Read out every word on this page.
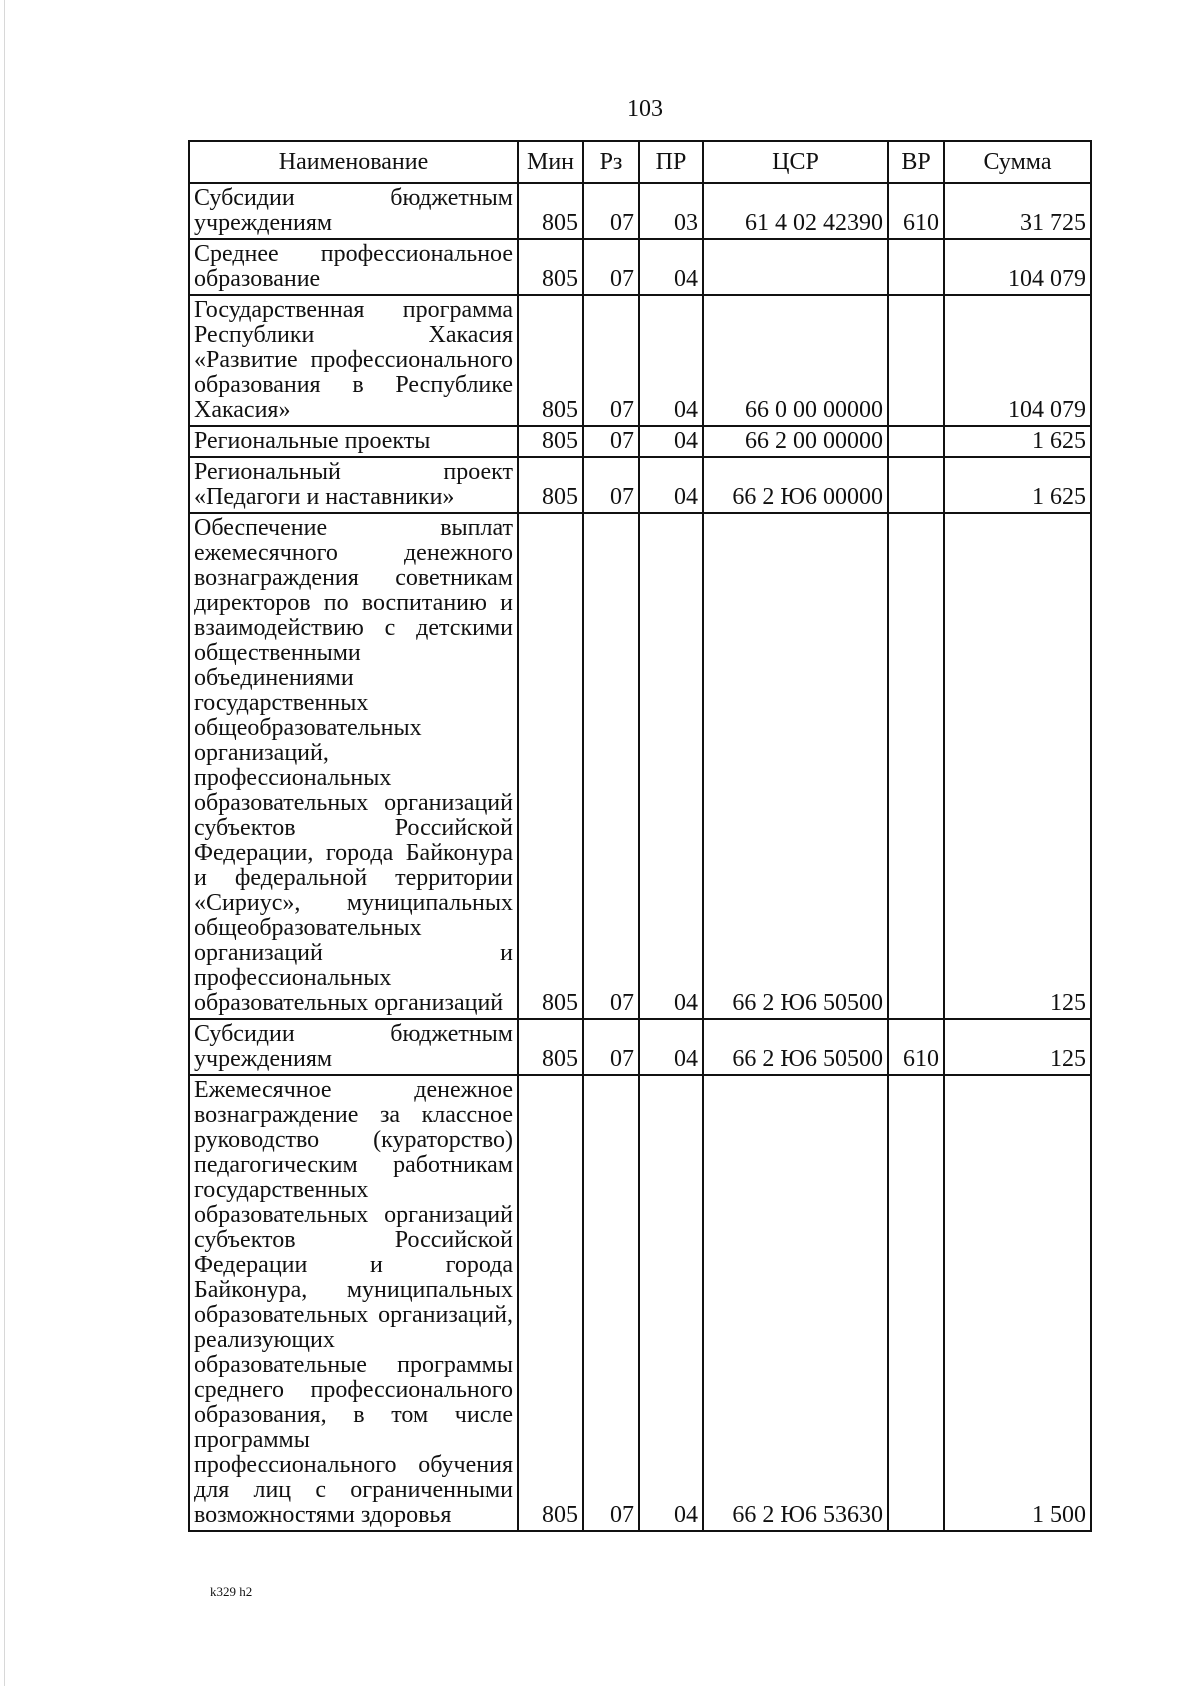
103
Наименование	Мин	Рз	ПР	ЦСР	ВР	Сумма
Субсидии бюджетным учреждениям	805	07	03	61 4 02 42390	610	31 725
Среднее профессиональное образование	805	07	04			104 079
Государственная программа Республики Хакасия «Развитие профессионального образования в Республике Хакасия»	805	07	04	66 0 00 00000		104 079
Региональные проекты	805	07	04	66 2 00 00000		1 625
Региональный проект «Педагоги и наставники»	805	07	04	66 2 Ю6 00000		1 625
Обеспечение выплат ежемесячного денежного вознаграждения советникам директоров по воспитанию и взаимодействию с детскими общественными объединениями государственных общеобразовательных организаций, профессиональных образовательных организаций субъектов Российской Федерации, города Байконура и федеральной территории «Сириус», муниципальных общеобразовательных организаций и профессиональных образовательных организаций	805	07	04	66 2 Ю6 50500		125
Субсидии бюджетным учреждениям	805	07	04	66 2 Ю6 50500	610	125
Ежемесячное денежное вознаграждение за классное руководство (кураторство) педагогическим работникам государственных образовательных организаций субъектов Российской Федерации и города Байконура, муниципальных образовательных организаций, реализующих образовательные программы среднего профессионального образования, в том числе программы профессионального обучения для лиц с ограниченными возможностями здоровья	805	07	04	66 2 Ю6 53630		1 500
k329 h2
